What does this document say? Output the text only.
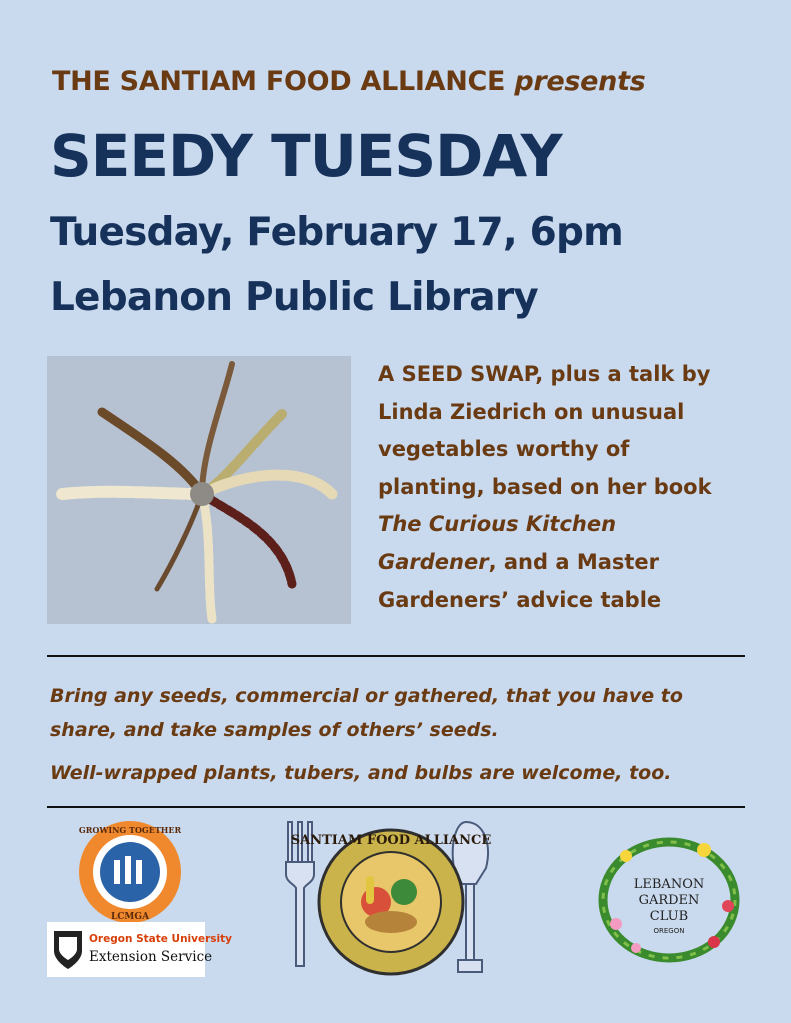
THE SANTIAM FOOD ALLIANCE presents
SEEDY TUESDAY
Tuesday, February 17, 6pm
Lebanon Public Library
A SEED SWAP, plus a talk by Linda Ziedrich on unusual vegetables worthy of planting, based on her book The Curious Kitchen Gardener, and a Master Gardeners’ advice table
Bring any seeds, commercial or gathered, that you have to share, and take samples of others’ seeds.
Well-wrapped plants, tubers, and bulbs are welcome, too.
GROWING TOGETHER
LCMGA
Oregon State University
Extension Service
SANTIAM FOOD ALLIANCE
LEBANON
GARDEN
CLUB
OREGON
